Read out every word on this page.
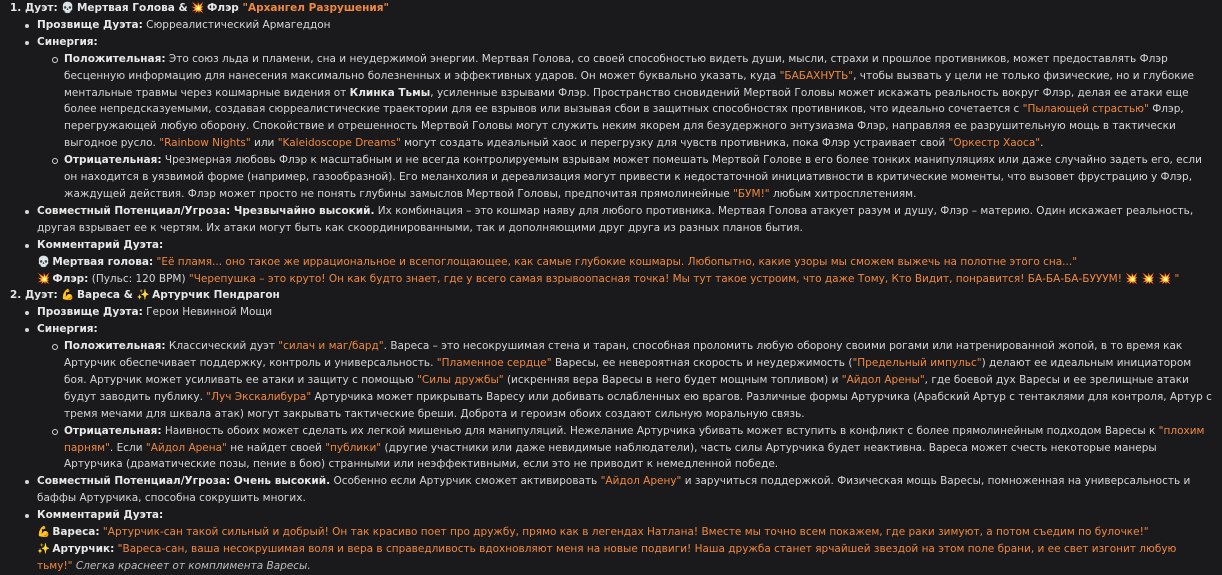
1. Дуэт: 💀 Мертвая Голова & 💥 Флэр "Архангел Разрушения"
Прозвище Дуэта: Сюрреалистический Армагеддон
Синергия:
Положительная: Это союз льда и пламени, сна и неудержимой энергии. Мертвая Голова, со своей способностью видеть души, мысли, страхи и прошлое противников, может предоставлять Флэр бесценную информацию для нанесения максимально болезненных и эффективных ударов. Он может буквально указать, куда "БАБАХНУТЬ", чтобы вызвать у цели не только физические, но и глубокие ментальные травмы через кошмарные видения от Клинка Тьмы, усиленные взрывами Флэр. Пространство сновидений Мертвой Головы может искажать реальность вокруг Флэр, делая ее атаки еще более непредсказуемыми, создавая сюрреалистические траектории для ее взрывов или вызывая сбои в защитных способностях противников, что идеально сочетается с "Пылающей страстью" Флэр, перегружающей любую оборону. Спокойствие и отрешенность Мертвой Головы могут служить неким якорем для безудержного энтузиазма Флэр, направляя ее разрушительную мощь в тактически выгодное русло. "Rainbow Nights" или "Kaleidoscope Dreams" могут создать идеальный хаос и перегрузку для чувств противника, пока Флэр устраивает свой "Оркестр Хаоса".
Отрицательная: Чрезмерная любовь Флэр к масштабным и не всегда контролируемым взрывам может помешать Мертвой Голове в его более тонких манипуляциях или даже случайно задеть его, если он находится в уязвимой форме (например, газообразной). Его меланхолия и дереализация могут привести к недостаточной инициативности в критические моменты, что вызовет фрустрацию у Флэр, жаждущей действия. Флэр может просто не понять глубины замыслов Мертвой Головы, предпочитая прямолинейные "БУМ!" любым хитросплетениям.
Совместный Потенциал/Угроза: Чрезвычайно высокий. Их комбинация – это кошмар наяву для любого противника. Мертвая Голова атакует разум и душу, Флэр – материю. Один искажает реальность, другая взрывает ее к чертям. Их атаки могут быть как скоординированными, так и дополняющими друг друга из разных планов бытия.
Комментарий Дуэта:
💀 Мертвая голова: "Её пламя... оно такое же иррациональное и всепоглощающее, как самые глубокие кошмары. Любопытно, какие узоры мы сможем выжечь на полотне этого сна..."
💥 Флэр: (Пульс: 120 BPM) "Черепушка – это круто! Он как будто знает, где у всего самая взрывоопасная точка! Мы тут такое устроим, что даже Тому, Кто Видит, понравится! БА-БА-БА-БУУУМ! 💥 💥 💥 "
2. Дуэт: 💪 Вареса & ✨ Артурчик Пендрагон
Прозвище Дуэта: Герои Невинной Мощи
Синергия:
Положительная: Классический дуэт "силач и маг/бард". Вареса – это несокрушимая стена и таран, способная проломить любую оборону своими рогами или натренированной жопой, в то время как Артурчик обеспечивает поддержку, контроль и универсальность. "Пламенное сердце" Варесы, ее невероятная скорость и неудержимость ("Предельный импульс") делают ее идеальным инициатором боя. Артурчик может усиливать ее атаки и защиту с помощью "Силы дружбы" (искренняя вера Варесы в него будет мощным топливом) и "Айдол Арены", где боевой дух Варесы и ее зрелищные атаки будут заводить публику. "Луч Экскалибура" Артурчика может прикрывать Варесу или добивать ослабленных ею врагов. Различные формы Артурчика (Арабский Артур с тентаклями для контроля, Артур с тремя мечами для шквала атак) могут закрывать тактические бреши. Доброта и героизм обоих создают сильную моральную связь.
Отрицательная: Наивность обоих может сделать их легкой мишенью для манипуляций. Нежелание Артурчика убивать может вступить в конфликт с более прямолинейным подходом Варесы к "плохим парням". Если "Айдол Арена" не найдет своей "публики" (другие участники или даже невидимые наблюдатели), часть силы Артурчика будет неактивна. Вареса может счесть некоторые манеры Артурчика (драматические позы, пение в бою) странными или неэффективными, если это не приводит к немедленной победе.
Совместный Потенциал/Угроза: Очень высокий. Особенно если Артурчик сможет активировать "Айдол Арену" и заручиться поддержкой. Физическая мощь Варесы, помноженная на универсальность и баффы Артурчика, способна сокрушить многих.
Комментарий Дуэта:
💪 Вареса: "Артурчик-сан такой сильный и добрый! Он так красиво поет про дружбу, прямо как в легендах Натлана! Вместе мы точно всем покажем, где раки зимуют, а потом съедим по булочке!"
✨ Артурчик: "Вареса-сан, ваша несокрушимая воля и вера в справедливость вдохновляют меня на новые подвиги! Наша дружба станет ярчайшей звездой на этом поле брани, и ее свет изгонит любую тьму!" Слегка краснеет от комплимента Варесы.
